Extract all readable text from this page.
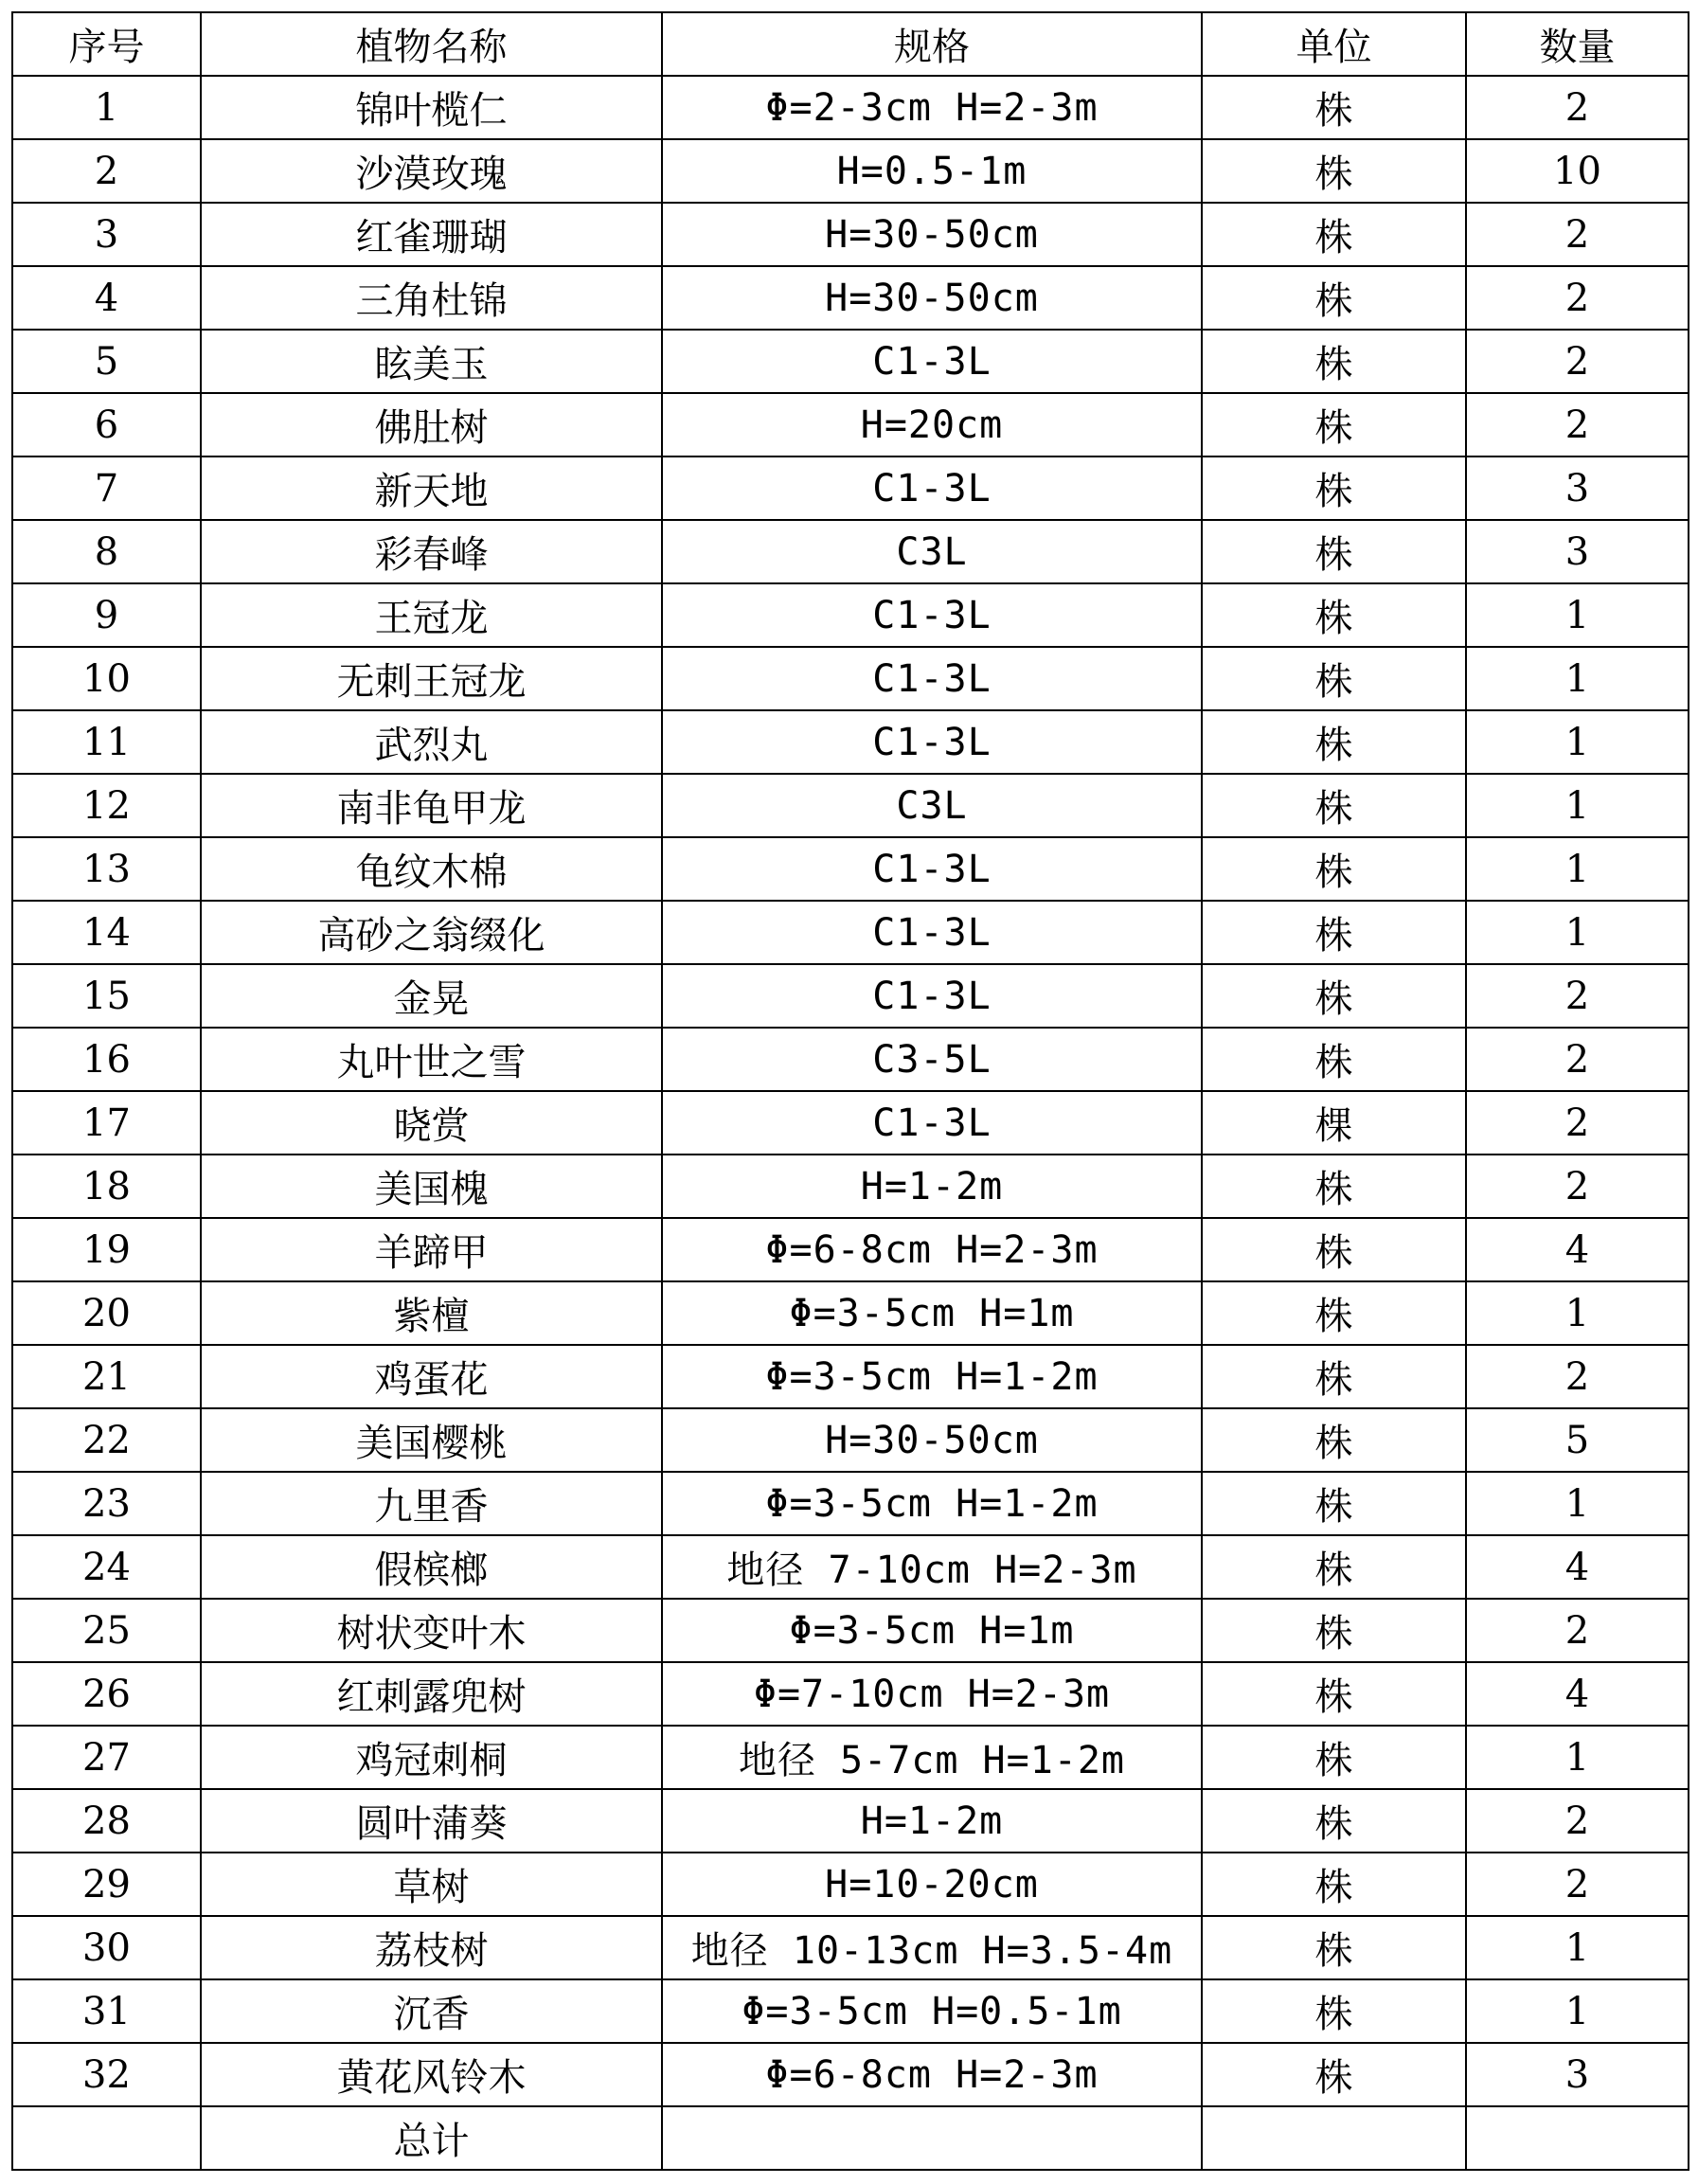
序号	植物名称	规格	单位	数量
1	锦叶榄仁	Φ=2-3cm H=2-3m	株	2
2	沙漠玫瑰	H=0.5-1m	株	10
3	红雀珊瑚	H=30-50cm	株	2
4	三角杜锦	H=30-50cm	株	2
5	眩美玉	C1-3L	株	2
6	佛肚树	H=20cm	株	2
7	新天地	C1-3L	株	3
8	彩春峰	C3L	株	3
9	王冠龙	C1-3L	株	1
10	无刺王冠龙	C1-3L	株	1
11	武烈丸	C1-3L	株	1
12	南非龟甲龙	C3L	株	1
13	龟纹木棉	C1-3L	株	1
14	高砂之翁缀化	C1-3L	株	1
15	金晃	C1-3L	株	2
16	丸叶世之雪	C3-5L	株	2
17	晓赏	C1-3L	棵	2
18	美国槐	H=1-2m	株	2
19	羊蹄甲	Φ=6-8cm H=2-3m	株	4
20	紫檀	Φ=3-5cm H=1m	株	1
21	鸡蛋花	Φ=3-5cm H=1-2m	株	2
22	美国樱桃	H=30-50cm	株	5
23	九里香	Φ=3-5cm H=1-2m	株	1
24	假槟榔	地径 7-10cm H=2-3m	株	4
25	树状变叶木	Φ=3-5cm H=1m	株	2
26	红刺露兜树	Φ=7-10cm H=2-3m	株	4
27	鸡冠刺桐	地径 5-7cm H=1-2m	株	1
28	圆叶蒲葵	H=1-2m	株	2
29	草树	H=10-20cm	株	2
30	荔枝树	地径 10-13cm H=3.5-4m	株	1
31	沉香	Φ=3-5cm H=0.5-1m	株	1
32	黄花风铃木	Φ=6-8cm H=2-3m	株	3
	总计			
